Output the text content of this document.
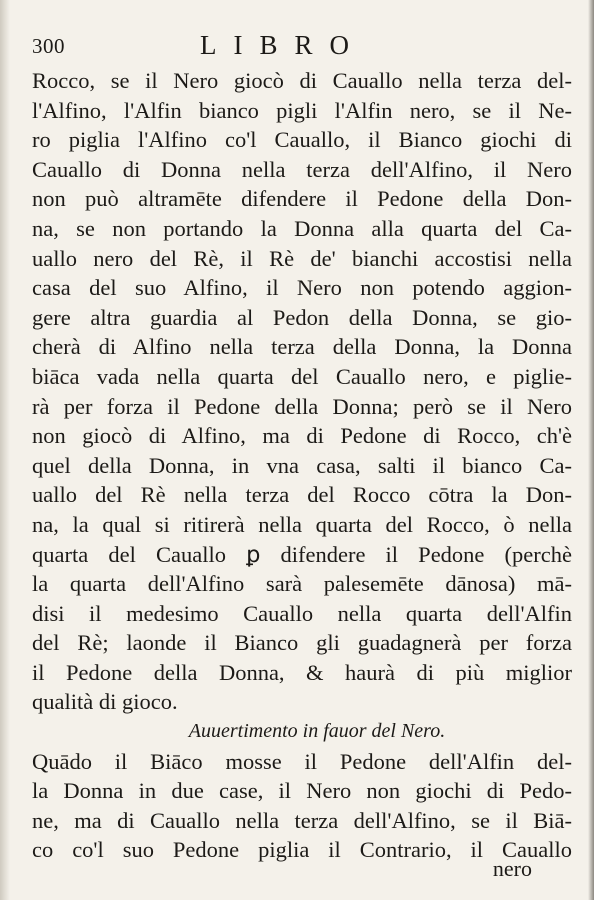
300	LIBRO
Rocco, se il Nero giocò di Cauallo nella terza del-
l'Alfino, l'Alfin bianco pigli l'Alfin nero, se il Ne-
ro piglia l'Alfino co'l Cauallo, il Bianco giochi di
Cauallo di Donna nella terza dell'Alfino, il Nero
non può altramēte difendere il Pedone della Don-
na, se non portando la Donna alla quarta del Ca-
uallo nero del Rè, il Rè de' bianchi accostisi nella
casa del suo Alfino, il Nero non potendo aggion-
gere altra guardia al Pedon della Donna, se gio-
cherà di Alfino nella terza della Donna, la Donna
biāca vada nella quarta del Cauallo nero, e piglie-
rà per forza il Pedone della Donna; però se il Nero
non giocò di Alfino, ma di Pedone di Rocco, ch'è
quel della Donna, in vna casa, salti il bianco Ca-
uallo del Rè nella terza del Rocco cōtra la Don-
na, la qual si ritirerà nella quarta del Rocco, ò nella
quarta del Cauallo ꝑ difendere il Pedone (perchè
la quarta dell'Alfino sarà palesemēte dānosa) mā-
disi il medesimo Cauallo nella quarta dell'Alfin
del Rè; laonde il Bianco gli guadagnerà per forza
il Pedone della Donna, & haurà di più miglior
qualità di gioco.
Auuertimento in fauor del Nero.
Quādo il Biāco mosse il Pedone dell'Alfin del-
la Donna in due case, il Nero non giochi di Pedo-
ne, ma di Cauallo nella terza dell'Alfino, se il Biā-
co co'l suo Pedone piglia il Contrario, il Cauallo
nero
